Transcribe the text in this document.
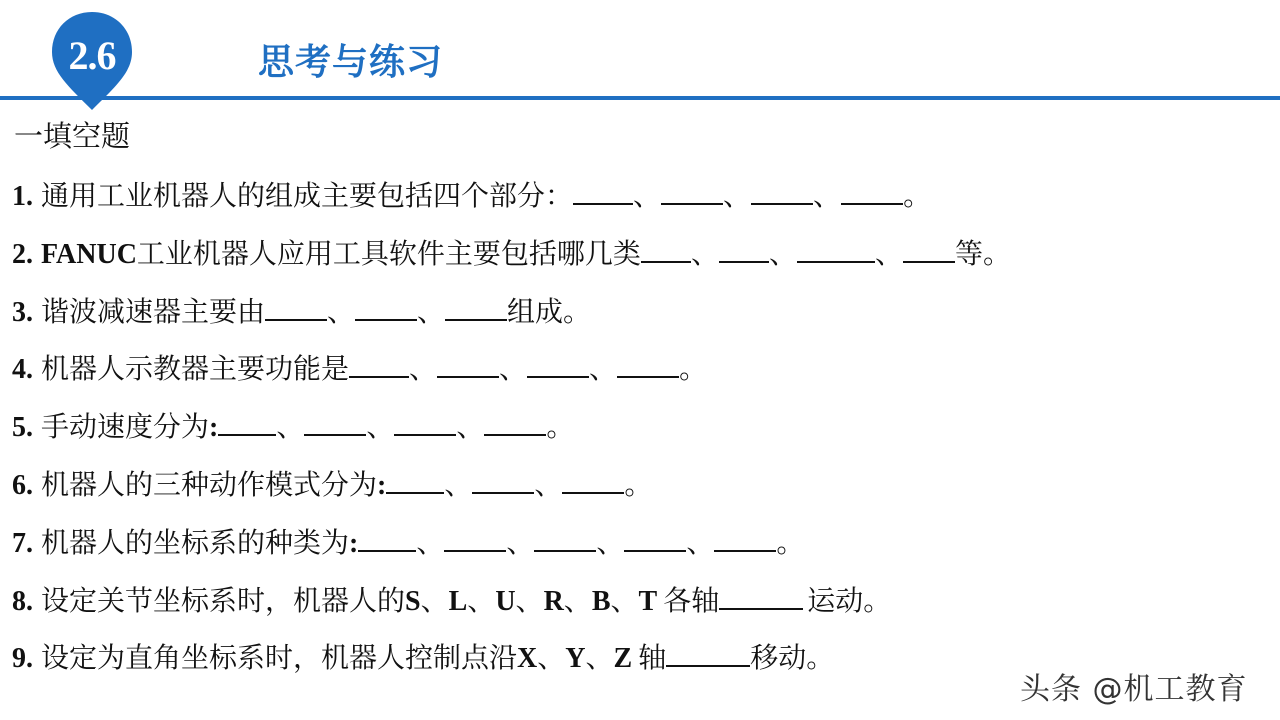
2.6	思考与练习
一填空题
1. 通用工业机器人的组成主要包括四个部分： 、 、 、 。
2. FANUC工业机器人应用工具软件主要包括哪几类 、 、	、 等。
3. 谐波减速器主要由 、 、 组成。
4. 机器人示教器主要功能是 、 、 、 。
5. 手动速度分为: 、 、 、 。
6. 机器人的三种动作模式分为: 、 、 。
7. 机器人的坐标系的种类为: 、 、 、 、 。
8. 设定关节坐标系时，机器人的S、L、U、R、B、T 各轴	运动。
9. 设定为直角坐标系时，机器人控制点沿X、Y、Z 轴	移动。
头条 @机工教育
